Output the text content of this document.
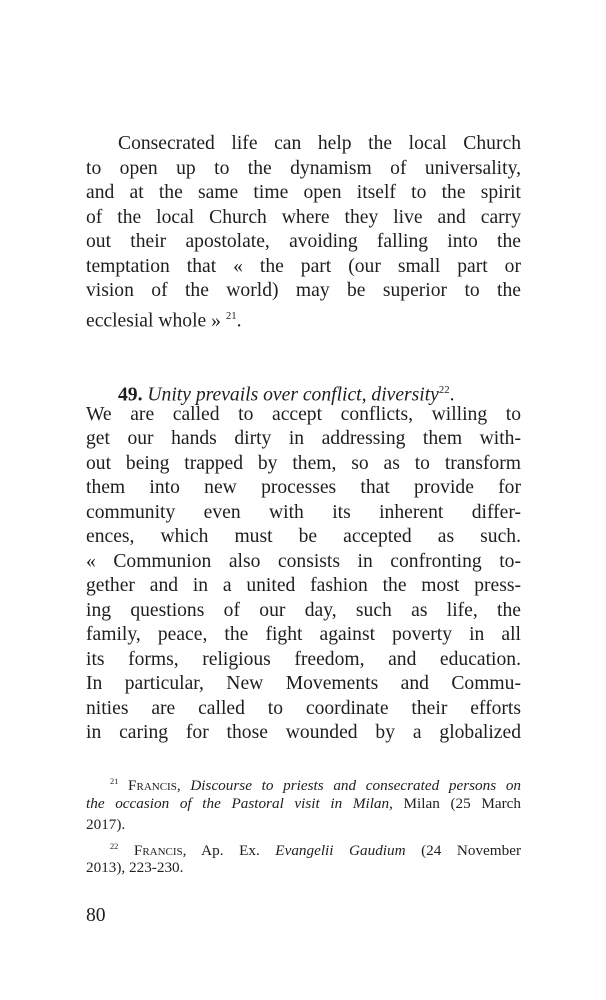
Consecrated life can help the local Church
to open up to the dynamism of universality,
and at the same time open itself to the spirit
of the local Church where they live and carry
out their apostolate, avoiding falling into the
temptation that « the part (our small part or
vision of the world) may be superior to the
ecclesial whole » $^{21}$.
49. Unity prevails over conflict, diversity$^{22}$.
We are called to accept conflicts, willing to
get our hands dirty in addressing them with-
out being trapped by them, so as to transform
them into new processes that provide for
community even with its inherent differ-
ences, which must be accepted as such.
« Communion also consists in confronting to-
gether and in a united fashion the most press-
ing questions of our day, such as life, the
family, peace, the fight against poverty in all
its forms, religious freedom, and education.
In particular, New Movements and Commu-
nities are called to coordinate their efforts
in caring for those wounded by a globalized
$^{21}$ Francis, Discourse to priests and consecrated persons on
the occasion of the Pastoral visit in Milan, Milan (25 March
2017).
$^{22}$ Francis, Ap. Ex. Evangelii Gaudium (24 November
2013), 223-230.
80
